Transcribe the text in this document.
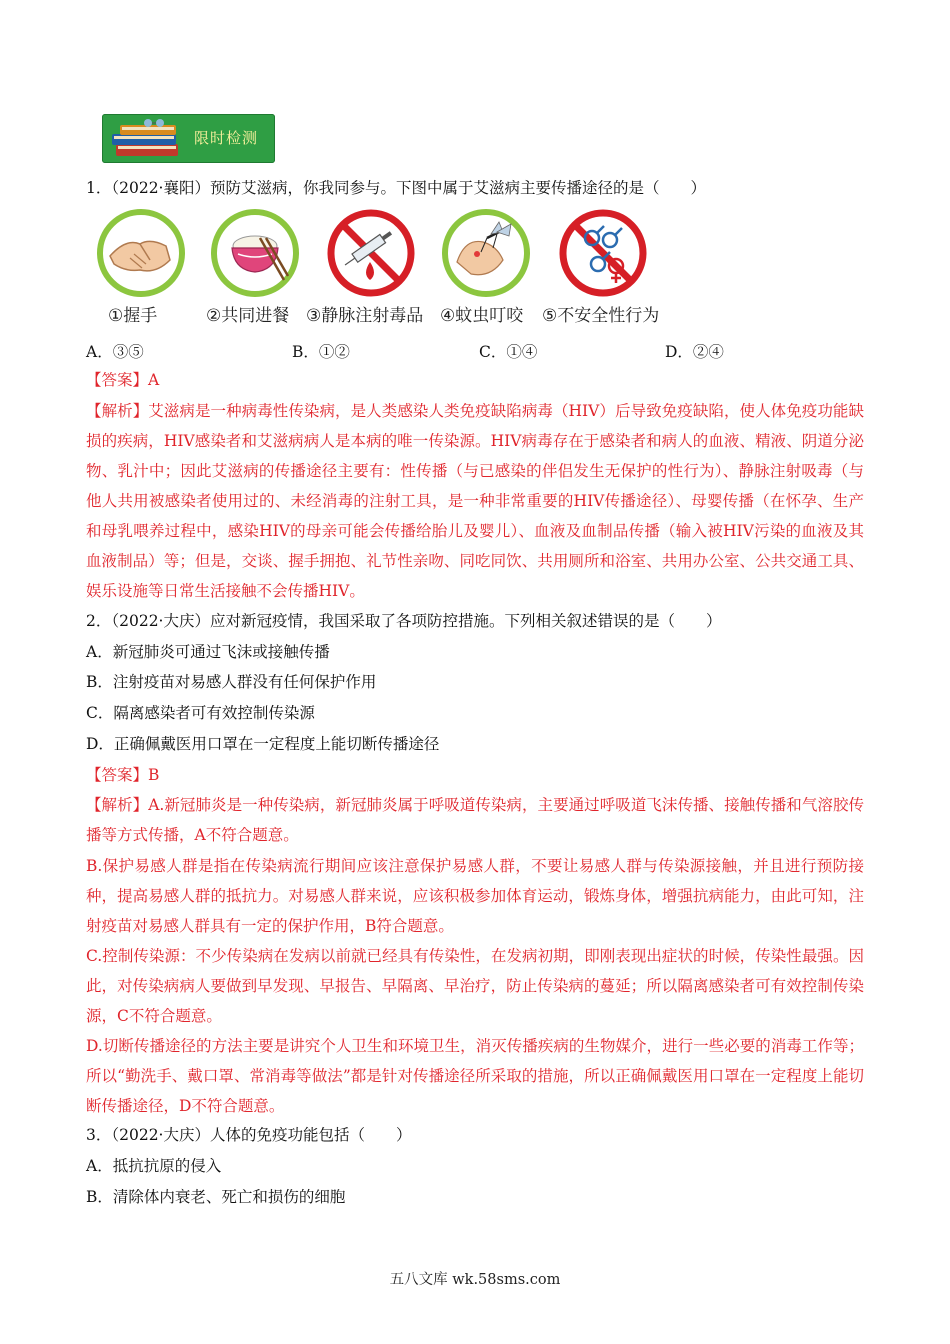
限时检测
1．（2022·襄阳）预防艾滋病，你我同参与。下图中属于艾滋病主要传播途径的是（　　）
①握手	②共同进餐 ③静脉注射毒品 ④蚊虫叮咬 ⑤不安全性行为
A．③⑤	B．①②	C．①④	D．②④
【答案】A
【解析】艾滋病是一种病毒性传染病，是人类感染人类免疫缺陷病毒（HIV）后导致免疫缺陷，使人体免疫功能缺损的疾病，HIV感染者和艾滋病病人是本病的唯一传染源。HIV病毒存在于感染者和病人的血液、精液、阴道分泌物、乳汁中；因此艾滋病的传播途径主要有：性传播（与已感染的伴侣发生无保护的性行为）、静脉注射吸毒（与他人共用被感染者使用过的、未经消毒的注射工具，是一种非常重要的HIV传播途径）、母婴传播（在怀孕、生产和母乳喂养过程中，感染HIV的母亲可能会传播给胎儿及婴儿）、血液及血制品传播（输入被HIV污染的血液及其血液制品）等；但是，交谈、握手拥抱、礼节性亲吻、同吃同饮、共用厕所和浴室、共用办公室、公共交通工具、娱乐设施等日常生活接触不会传播HIV。
2．（2022·大庆）应对新冠疫情，我国采取了各项防控措施。下列相关叙述错误的是（　　）
A．新冠肺炎可通过飞沫或接触传播
B．注射疫苗对易感人群没有任何保护作用
C．隔离感染者可有效控制传染源
D．正确佩戴医用口罩在一定程度上能切断传播途径
【答案】B
【解析】A.新冠肺炎是一种传染病，新冠肺炎属于呼吸道传染病，主要通过呼吸道飞沫传播、接触传播和气溶胶传播等方式传播，A不符合题意。
B.保护易感人群是指在传染病流行期间应该注意保护易感人群，不要让易感人群与传染源接触，并且进行预防接种，提高易感人群的抵抗力。对易感人群来说，应该积极参加体育运动，锻炼身体，增强抗病能力，由此可知，注射疫苗对易感人群具有一定的保护作用，B符合题意。
C.控制传染源：不少传染病在发病以前就已经具有传染性，在发病初期，即刚表现出症状的时候，传染性最强。因此，对传染病病人要做到早发现、早报告、早隔离、早治疗，防止传染病的蔓延；所以隔离感染者可有效控制传染源，C不符合题意。
D.切断传播途径的方法主要是讲究个人卫生和环境卫生，消灭传播疾病的生物媒介，进行一些必要的消毒工作等；所以“勤洗手、戴口罩、常消毒等做法”都是针对传播途径所采取的措施，所以正确佩戴医用口罩在一定程度上能切断传播途径，D不符合题意。
3．（2022·大庆）人体的免疫功能包括（　　）
A．抵抗抗原的侵入
B．清除体内衰老、死亡和损伤的细胞
五八文库 wk.58sms.com
